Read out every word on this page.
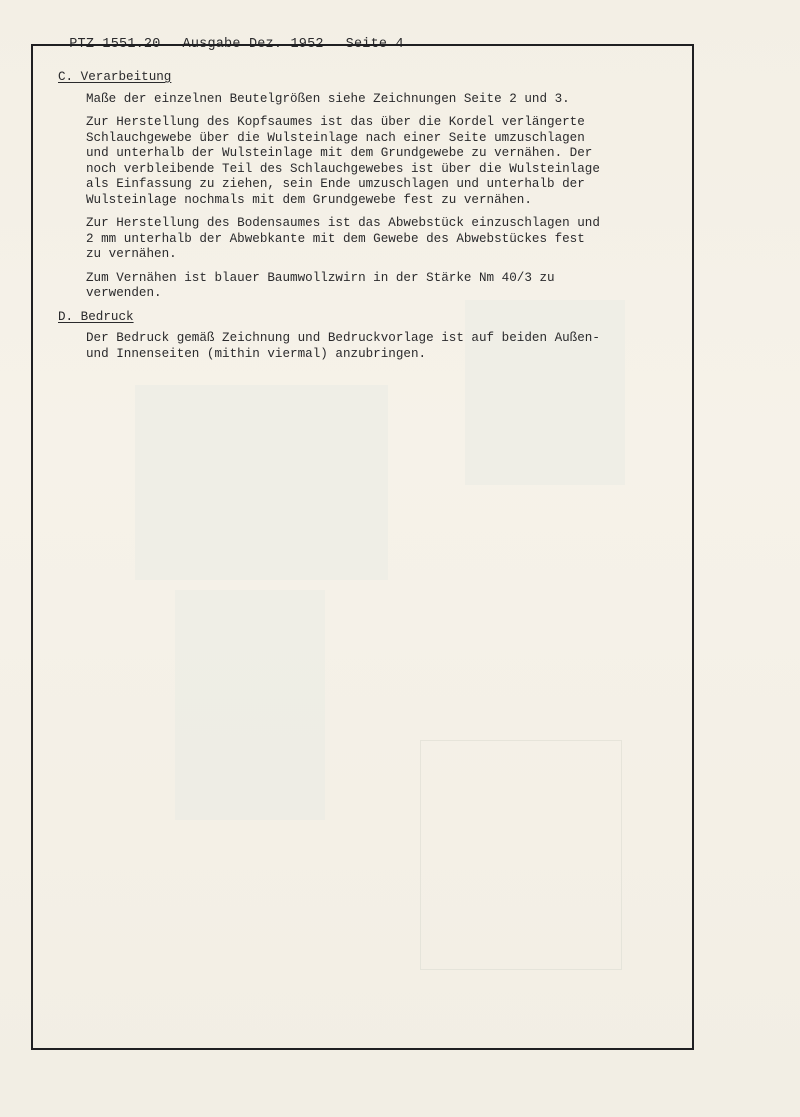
PTZ 1551.20 Ausgabe Dez. 1952 Seite 4

C. Verarbeitung
Maße der einzelnen Beutelgrößen siehe Zeichnungen Seite 2 und 3.
Zur Herstellung des Kopfsaumes ist das über die Kordel verlängerte
Schlauchgewebe über die Wulsteinlage nach einer Seite umzuschlagen
und unterhalb der Wulsteinlage mit dem Grundgewebe zu vernähen. Der
noch verbleibende Teil des Schlauchgewebes ist über die Wulsteinlage
als Einfassung zu ziehen, sein Ende umzuschlagen und unterhalb der
Wulsteinlage nochmals mit dem Grundgewebe fest zu vernähen.
Zur Herstellung des Bodensaumes ist das Abwebstück einzuschlagen und
2 mm unterhalb der Abwebkante mit dem Gewebe des Abwebstückes fest
zu vernähen.
Zum Vernähen ist blauer Baumwollzwirn in der Stärke Nm 40/3 zu
verwenden.
D. Bedruck
Der Bedruck gemäß Zeichnung und Bedruckvorlage ist auf beiden Außen-
und Innenseiten (mithin viermal) anzubringen.
